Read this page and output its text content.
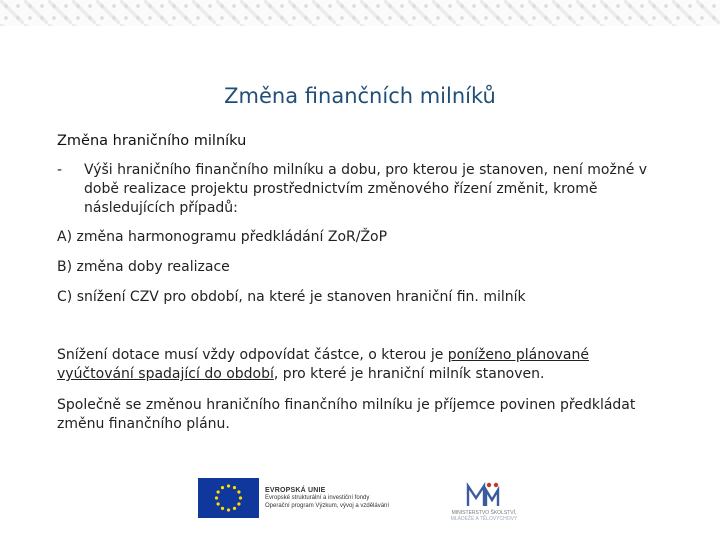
Změna finančních milníků
Změna hraničního milníku
- Výši hraničního finančního milníku a dobu, pro kterou je stanoven, není možné v době realizace projektu prostřednictvím změnového řízení změnit, kromě následujících případů:
A) změna harmonogramu předkládání ZoR/ŽoP
B) změna doby realizace
C) snížení CZV pro období, na které je stanoven hraniční fin. milník
Snížení dotace musí vždy odpovídat částce, o kterou je poníženo plánované vyúčtování spadající do období, pro které je hraniční milník stanoven.
Společně se změnou hraničního finančního milníku je příjemce povinen předkládat změnu finančního plánu.
EVROPSKÁ UNIE
Evropské strukturální a investiční fondy
Operační program Výzkum, vývoj a vzdělávání
MINISTERSTVO ŠKOLSTVÍ,
MLÁDEŽE A TĚLOVÝCHOVY
